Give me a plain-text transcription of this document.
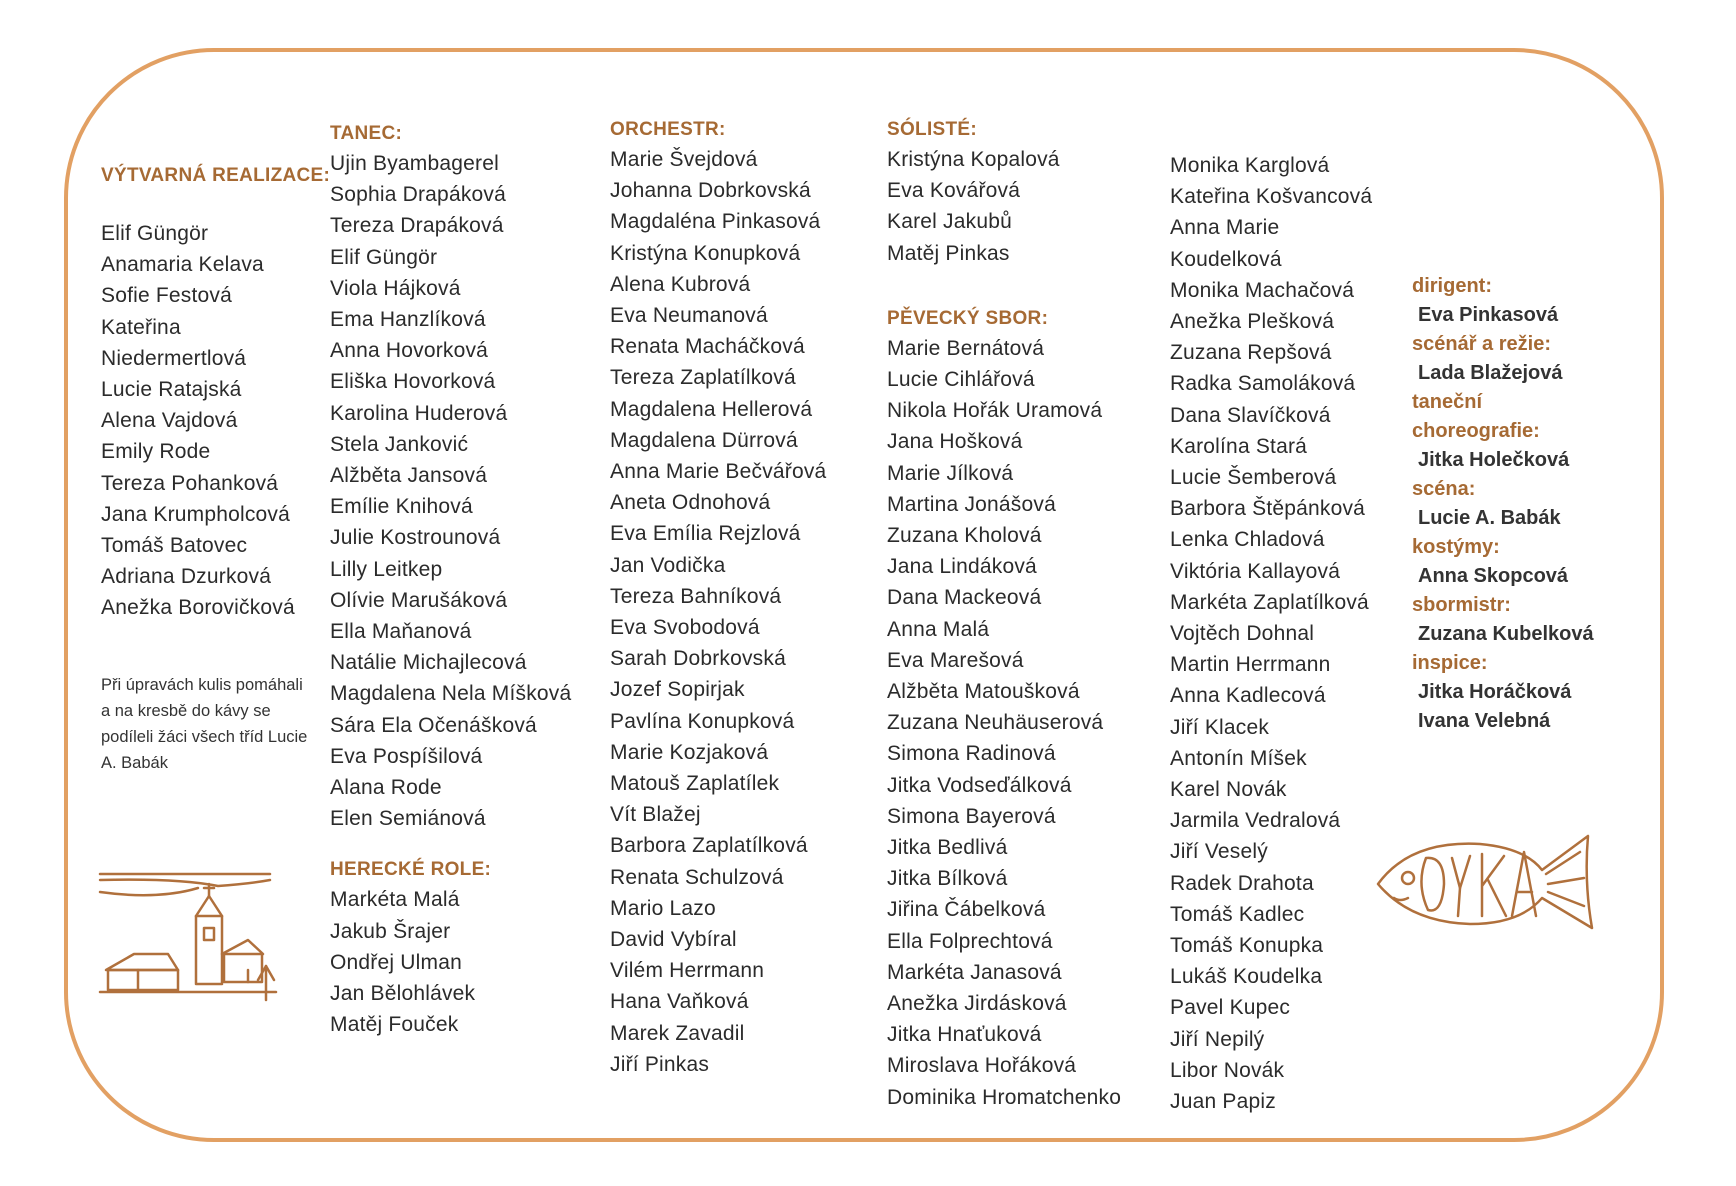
VÝTVARNÁ REALIZACE:
Elif Güngör
Anamaria Kelava
Sofie Festová
Kateřina
Niedermertlová
Lucie Ratajská
Alena Vajdová
Emily Rode
Tereza Pohanková
Jana Krumpholcová
Tomáš Batovec
Adriana Dzurková
Anežka Borovičková
Při úpravách kulis pomáhali a na kresbě do kávy se podíleli žáci všech tříd Lucie A. Babák
TANEC:
Ujin Byambagerel
Sophia Drapáková
Tereza Drapáková
Elif Güngör
Viola Hájková
Ema Hanzlíková
Anna Hovorková
Eliška Hovorková
Karolina Huderová
Stela Janković
Alžběta Jansová
Emílie Knihová
Julie Kostrounová
Lilly Leitkep
Olívie Marušáková
Ella Maňanová
Natálie Michajlecová
Magdalena Nela Míšková
Sára Ela Očenášková
Eva Pospíšilová
Alana Rode
Elen Semiánová
HERECKÉ ROLE:
Markéta Malá
Jakub Šrajer
Ondřej Ulman
Jan Bělohlávek
Matěj Fouček
ORCHESTR:
Marie Švejdová
Johanna Dobrkovská
Magdaléna Pinkasová
Kristýna Konupková
Alena Kubrová
Eva Neumanová
Renata Macháčková
Tereza Zaplatílková
Magdalena Hellerová
Magdalena Dürrová
Anna Marie Bečvářová
Aneta Odnohová
Eva Emília Rejzlová
Jan Vodička
Tereza Bahníková
Eva Svobodová
Sarah Dobrkovská
Jozef Sopirjak
Pavlína Konupková
Marie Kozjaková
Matouš Zaplatílek
Vít Blažej
Barbora Zaplatílková
Renata Schulzová
Mario Lazo
David Vybíral
Vilém Herrmann
Hana Vaňková
Marek Zavadil
Jiří Pinkas
SÓLISTÉ:
Kristýna Kopalová
Eva Kovářová
Karel Jakubů
Matěj Pinkas
PĚVECKÝ SBOR:
Marie Bernátová
Lucie Cihlářová
Nikola Hořák Uramová
Jana Hošková
Marie Jílková
Martina Jonášová
Zuzana Kholová
Jana Lindáková
Dana Mackeová
Anna Malá
Eva Marešová
Alžběta Matoušková
Zuzana Neuhäuserová
Simona Radinová
Jitka Vodseďálková
Simona Bayerová
Jitka Bedlivá
Jitka Bílková
Jiřina Čábelková
Ella Folprechtová
Markéta Janasová
Anežka Jirdásková
Jitka Hnaťuková
Miroslava Hořáková
Dominika Hromatchenko
Monika Karglová
Kateřina Košvancová
Anna Marie
Koudelková
Monika Machačová
Anežka Plešková
Zuzana Repšová
Radka Samoláková
Dana Slavíčková
Karolína Stará
Lucie Šemberová
Barbora Štěpánková
Lenka Chladová
Viktória Kallayová
Markéta Zaplatílková
Vojtěch Dohnal
Martin Herrmann
Anna Kadlecová
Jiří Klacek
Antonín Míšek
Karel Novák
Jarmila Vedralová
Jiří Veselý
Radek Drahota
Tomáš Kadlec
Tomáš Konupka
Lukáš Koudelka
Pavel Kupec
Jiří Nepilý
Libor Novák
Juan Papiz
dirigent:
Eva Pinkasová
scénář a režie:
Lada Blažejová
taneční
choreografie:
Jitka Holečková
scéna:
Lucie A. Babák
kostýmy:
Anna Skopcová
sbormistr:
Zuzana Kubelková
inspice:
Jitka Horáčková
Ivana Velebná
